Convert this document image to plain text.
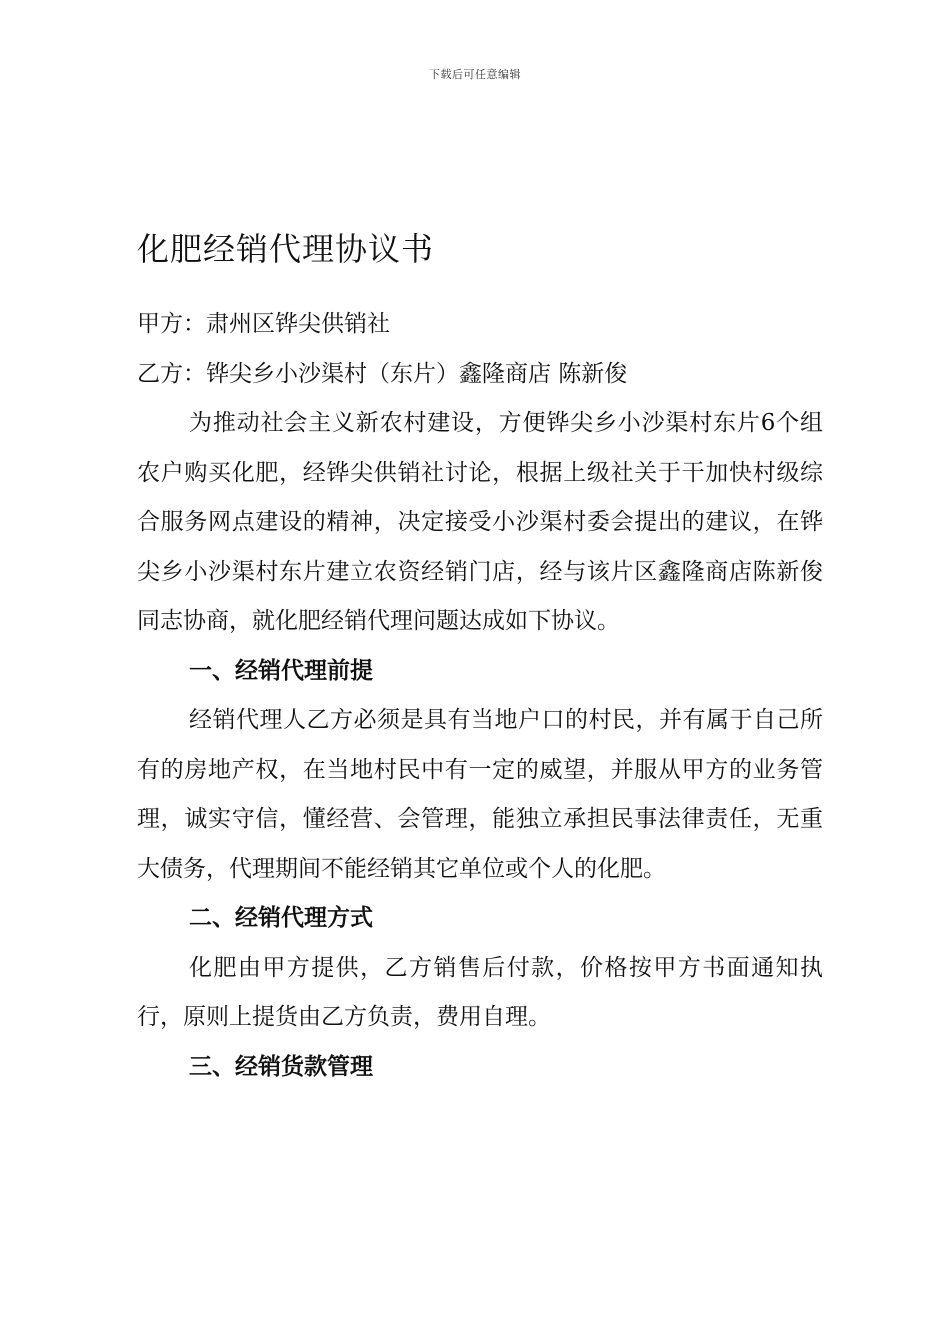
下载后可任意编辑
化肥经销代理协议书

甲方：肃州区铧尖供销社

乙方：铧尖乡小沙渠村（东片）鑫隆商店 陈新俊

为推动社会主义新农村建设，方便铧尖乡小沙渠村东片6个组农户购买化肥，经铧尖供销社讨论，根据上级社关于干加快村级综合服务网点建设的精神，决定接受小沙渠村委会提出的建议，在铧尖乡小沙渠村东片建立农资经销门店，经与该片区鑫隆商店陈新俊同志协商，就化肥经销代理问题达成如下协议。

一、经销代理前提

经销代理人乙方必须是具有当地户口的村民，并有属于自己所有的房地产权，在当地村民中有一定的威望，并服从甲方的业务管理，诚实守信，懂经营、会管理，能独立承担民事法律责任，无重大债务，代理期间不能经销其它单位或个人的化肥。

二、经销代理方式

化肥由甲方提供，乙方销售后付款，价格按甲方书面通知执行，原则上提货由乙方负责，费用自理。

三、经销货款管理
